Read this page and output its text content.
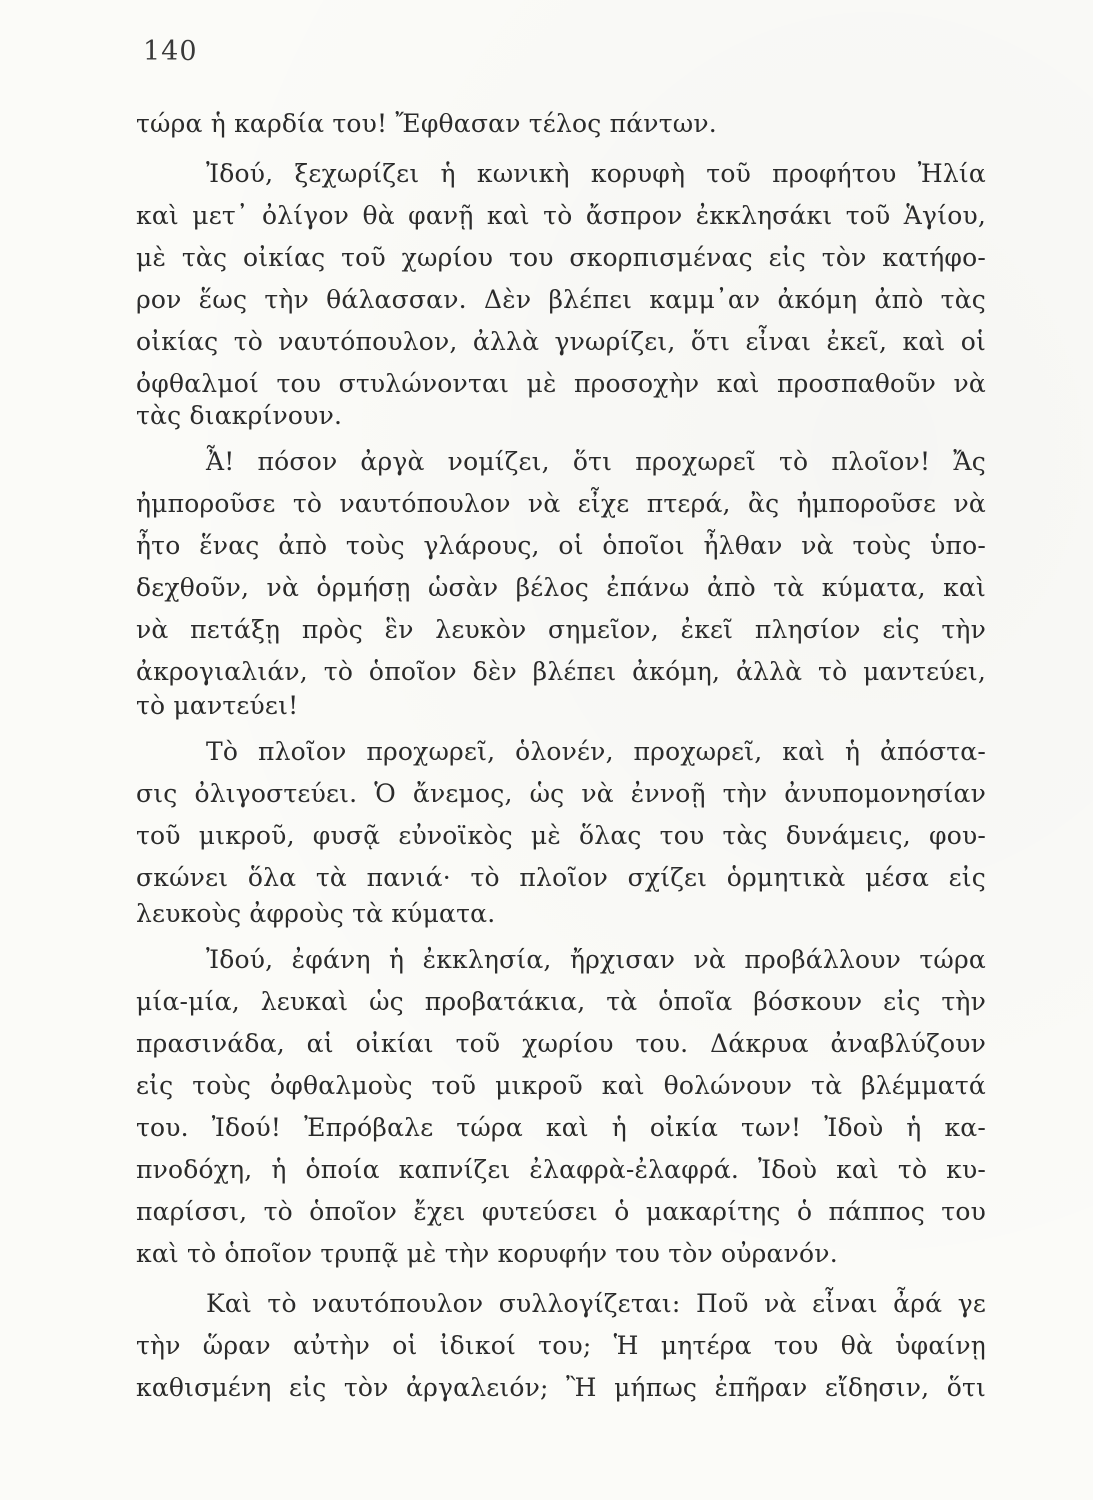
140
τώρα ἡ καρδία του! Ἔφθασαν τέλος πάντων.
Ἰδού, ξεχωρίζει ἡ κωνικὴ κορυφὴ τοῦ προφήτου Ἠλία
καὶ μετ᾽ ὀλίγον θὰ φανῇ καὶ τὸ ἄσπρον ἐκκλησάκι τοῦ Ἁγίου,
μὲ τὰς οἰκίας τοῦ χωρίου του σκορπισμένας εἰς τὸν κατήφο-
ρον ἕως τὴν θάλασσαν. Δὲν βλέπει καμμ᾽αν ἀκόμη ἀπὸ τὰς
οἰκίας τὸ ναυτόπουλον, ἀλλὰ γνωρίζει, ὅτι εἶναι ἐκεῖ, καὶ οἱ
ὀφθαλμοί του στυλώνονται μὲ προσοχὴν καὶ προσπαθοῦν νὰ
τὰς διακρίνουν.
Ἆ! πόσον ἀργὰ νομίζει, ὅτι προχωρεῖ τὸ πλοῖον! Ἄς
ἠμποροῦσε τὸ ναυτόπουλον νὰ εἶχε πτερά, ἂς ἠμποροῦσε νὰ
ἦτο ἕνας ἀπὸ τοὺς γλάρους, οἱ ὁποῖοι ἦλθαν νὰ τοὺς ὑπο-
δεχθοῦν, νὰ ὁρμήσῃ ὡσὰν βέλος ἐπάνω ἀπὸ τὰ κύματα, καὶ
νὰ πετάξῃ πρὸς ἓν λευκὸν σημεῖον, ἐκεῖ πλησίον εἰς τὴν
ἀκρογιαλιάν, τὸ ὁποῖον δὲν βλέπει ἀκόμη, ἀλλὰ τὸ μαντεύει,
τὸ μαντεύει!
Τὸ πλοῖον προχωρεῖ, ὁλονέν, προχωρεῖ, καὶ ἡ ἀπόστα-
σις ὀλιγοστεύει. Ὁ ἄνεμος, ὡς νὰ ἐννοῇ τὴν ἀνυπομονησίαν
τοῦ μικροῦ, φυσᾷ εὐνοϊκὸς μὲ ὅλας του τὰς δυνάμεις, φου-
σκώνει ὅλα τὰ πανιά· τὸ πλοῖον σχίζει ὁρμητικὰ μέσα εἰς
λευκοὺς ἀφροὺς τὰ κύματα.
Ἰδού, ἐφάνη ἡ ἐκκλησία, ἤρχισαν νὰ προβάλλουν τώρα
μία-μία, λευκαὶ ὡς προβατάκια, τὰ ὁποῖα βόσκουν εἰς τὴν
πρασινάδα, αἱ οἰκίαι τοῦ χωρίου του. Δάκρυα ἀναβλύζουν
εἰς τοὺς ὀφθαλμοὺς τοῦ μικροῦ καὶ θολώνουν τὰ βλέμματά
του. Ἰδού! Ἐπρόβαλε τώρα καὶ ἡ οἰκία των! Ἰδοὺ ἡ κα-
πνοδόχη, ἡ ὁποία καπνίζει ἐλαφρὰ-ἐλαφρά. Ἰδοὺ καὶ τὸ κυ-
παρίσσι, τὸ ὁποῖον ἔχει φυτεύσει ὁ μακαρίτης ὁ πάππος του
καὶ τὸ ὁποῖον τρυπᾷ μὲ τὴν κορυφήν του τὸν οὐρανόν.
Καὶ τὸ ναυτόπουλον συλλογίζεται: Ποῦ νὰ εἶναι ἆρά γε
τὴν ὥραν αὐτὴν οἱ ἰδικοί του; Ἡ μητέρα του θὰ ὑφαίνῃ
καθισμένη εἰς τὸν ἀργαλειόν; Ἢ μήπως ἐπῆραν εἴδησιν, ὅτι
